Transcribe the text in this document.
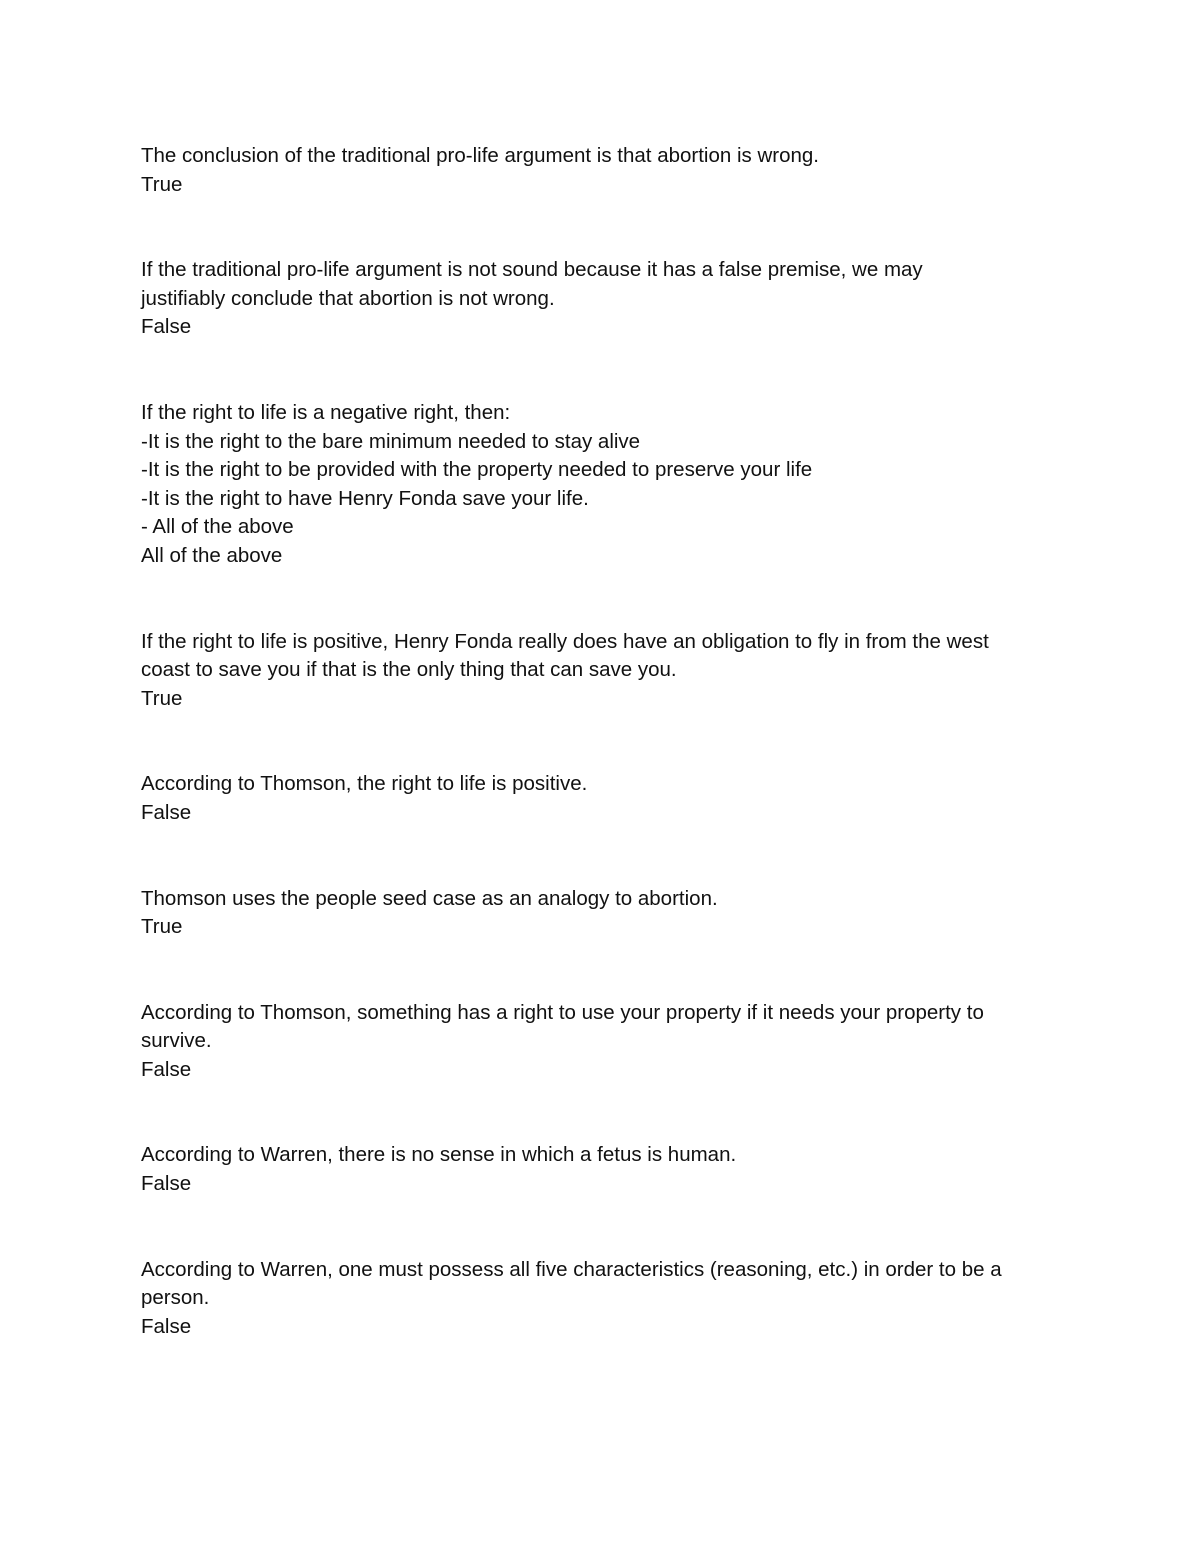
The conclusion of the traditional pro-life argument is that abortion is wrong.
True
If the traditional pro-life argument is not sound because it has a false premise, we may
justifiably conclude that abortion is not wrong.
False
If the right to life is a negative right, then:
-It is the right to the bare minimum needed to stay alive
-It is the right to be provided with the property needed to preserve your life
-It is the right to have Henry Fonda save your life.
- All of the above
All of the above
If the right to life is positive, Henry Fonda really does have an obligation to fly in from the west
coast to save you if that is the only thing that can save you.
True
According to Thomson, the right to life is positive.
False
Thomson uses the people seed case as an analogy to abortion.
True
According to Thomson, something has a right to use your property if it needs your property to
survive.
False
According to Warren, there is no sense in which a fetus is human.
False
According to Warren, one must possess all five characteristics (reasoning, etc.) in order to be a
person.
False
